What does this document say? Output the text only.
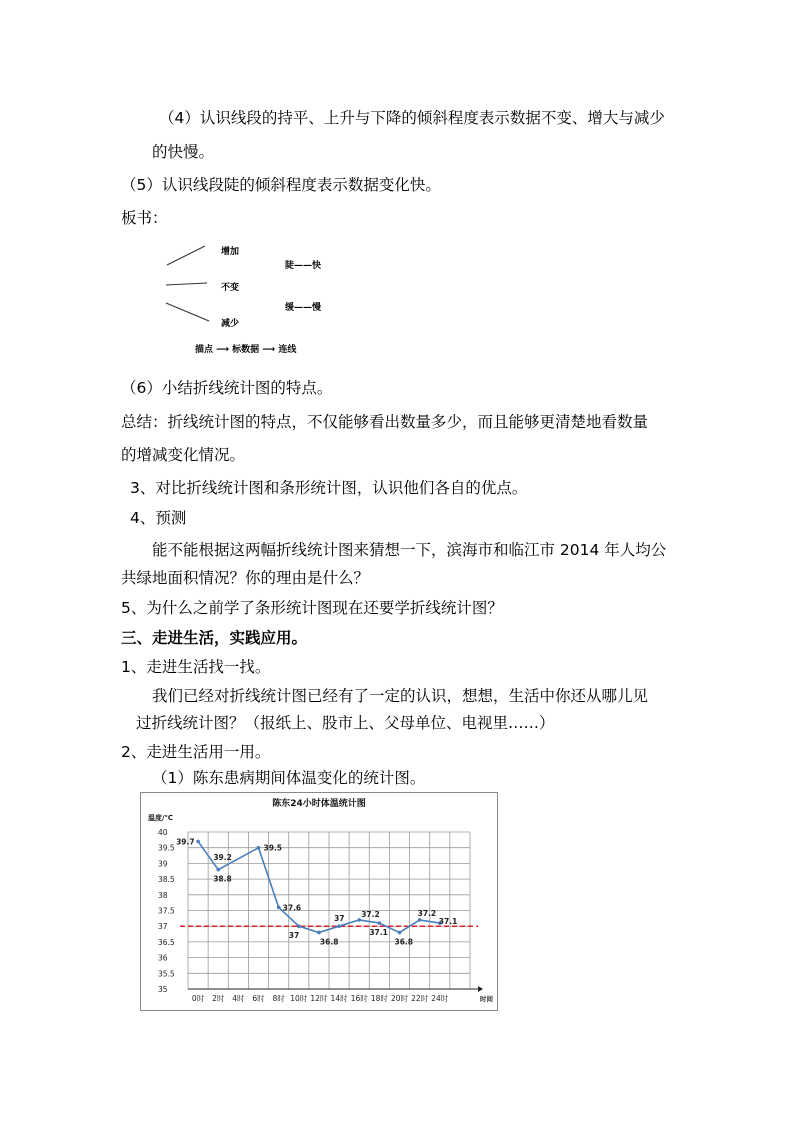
（4）认识线段的持平、上升与下降的倾斜程度表示数据不变、增大与减少
的快慢。
（5）认识线段陡的倾斜程度表示数据变化快。
板书：
增加
陡——快
不变
缓——慢
减少
描点 ⟶ 标数据 ⟶ 连线
（6）小结折线统计图的特点。
总结：折线统计图的特点，不仅能够看出数量多少，而且能够更清楚地看数量
的增减变化情况。
3、对比折线统计图和条形统计图，认识他们各自的优点。
4、预测
能不能根据这两幅折线统计图来猜想一下，滨海市和临江市 2014 年人均公
共绿地面积情况？你的理由是什么？
5、为什么之前学了条形统计图现在还要学折线统计图？
三、走进生活，实践应用。
1、走进生活找一找。
我们已经对折线统计图已经有了一定的认识，想想，生活中你还从哪儿见
过折线统计图？（报纸上、股市上、父母单位、电视里……）
2、走进生活用一用。
（1）陈东患病期间体温变化的统计图。
陈东24小时体温统计图
温度/℃
40
39.5
39
38.5
38
37.5
37
36.5
36
35.5
35
0时 2时 4时 6时 8时 10时 12时 14时 16时 18时 20时 22时 24时	时间
39.7
38.8
39.2
39.5
37.6
37
36.8
37 37.2
37.1
36.8
37.2
37.1
